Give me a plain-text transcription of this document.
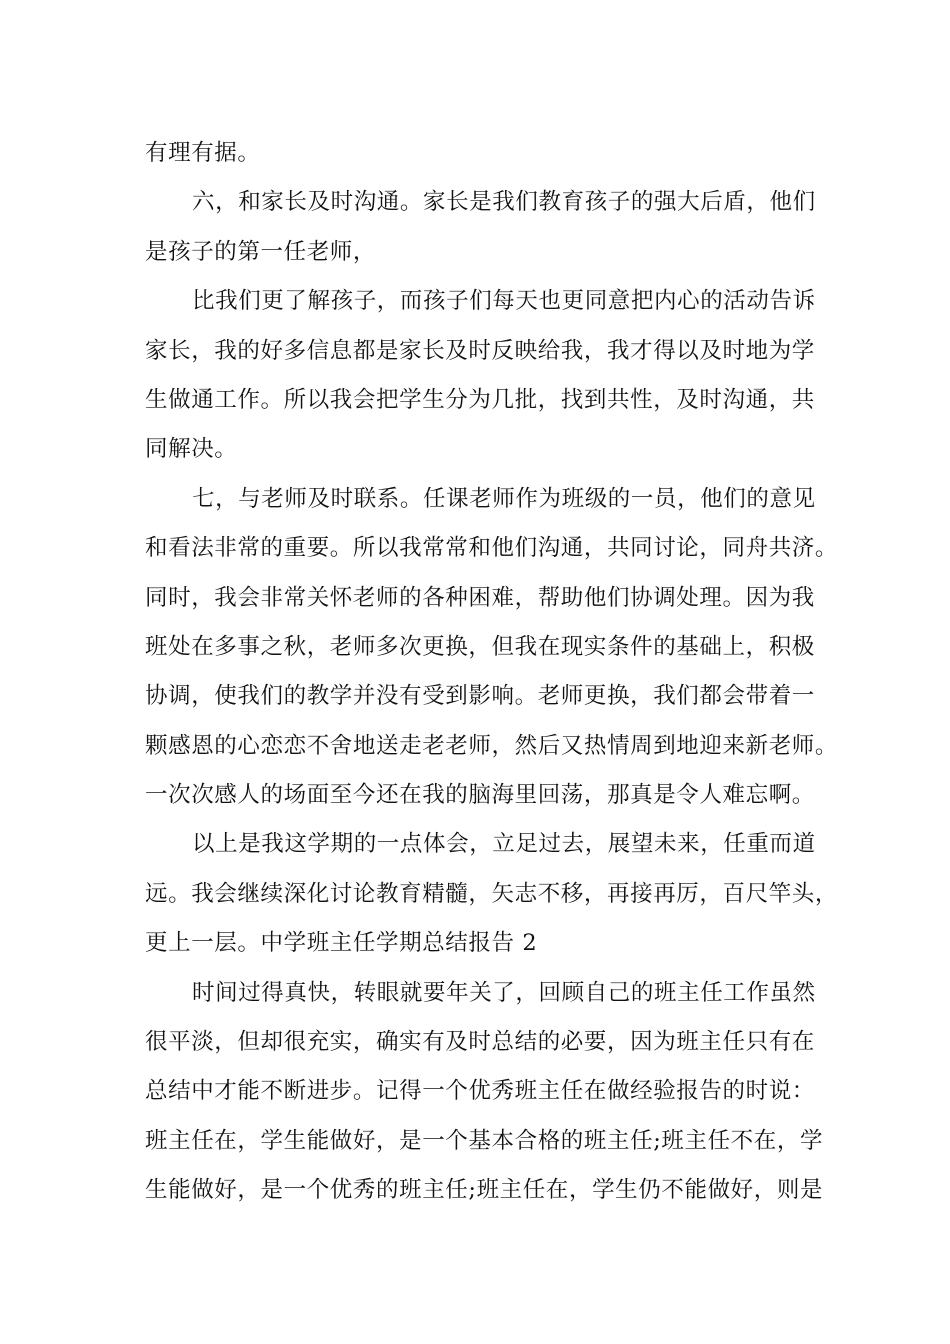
有理有据。
六，和家长及时沟通。家长是我们教育孩子的强大后盾，他们
是孩子的第一任老师，
比我们更了解孩子，而孩子们每天也更同意把内心的活动告诉
家长，我的好多信息都是家长及时反映给我，我才得以及时地为学
生做通工作。所以我会把学生分为几批，找到共性，及时沟通，共
同解决。
七，与老师及时联系。任课老师作为班级的一员，他们的意见
和看法非常的重要。所以我常常和他们沟通，共同讨论，同舟共济。
同时，我会非常关怀老师的各种困难，帮助他们协调处理。因为我
班处在多事之秋，老师多次更换，但我在现实条件的基础上，积极
协调，使我们的教学并没有受到影响。老师更换，我们都会带着一
颗感恩的心恋恋不舍地送走老老师，然后又热情周到地迎来新老师。
一次次感人的场面至今还在我的脑海里回荡，那真是令人难忘啊。
以上是我这学期的一点体会，立足过去，展望未来，任重而道
远。我会继续深化讨论教育精髓，矢志不移，再接再厉，百尺竿头，
更上一层。中学班主任学期总结报告 2
时间过得真快，转眼就要年关了，回顾自己的班主任工作虽然
很平淡，但却很充实，确实有及时总结的必要，因为班主任只有在
总结中才能不断进步。记得一个优秀班主任在做经验报告的时说：
班主任在，学生能做好，是一个基本合格的班主任;班主任不在，学
生能做好，是一个优秀的班主任;班主任在，学生仍不能做好，则是
